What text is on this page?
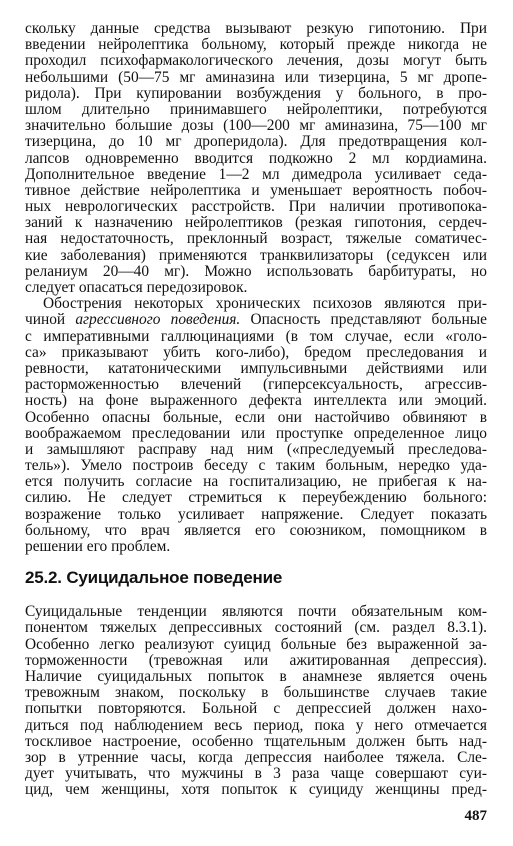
скольку данные средства вызывают резкую гипотонию. При
введении нейролептика больному, который прежде никогда не
проходил психофармакологического лечения, дозы могут быть
небольшими (50—75 мг аминазина или тизерцина, 5 мг дропе-
ридола). При купировании возбуждения у больного, в про-
шлом длительно принимавшего нейролептики, потребуются
значительно бо́льшие дозы (100—200 мг аминазина, 75—100 мг
тизерцина, до 10 мг дроперидола). Для предотвращения кол-
лапсов одновременно вводится подкожно 2 мл кордиамина.
Дополнительное введение 1—2 мл димедрола усиливает седа-
тивное действие нейролептика и уменьшает вероятность побоч-
ных неврологических расстройств. При наличии противопока-
заний к назначению нейролептиков (резкая гипотония, сердеч-
ная недостаточность, преклонный возраст, тяжелые соматичес-
кие заболевания) применяются транквилизаторы (седуксен или
реланиум 20—40 мг). Можно использовать барбитураты, но
следует опасаться передозировок.
Обострения некоторых хронических психозов являются при-
чиной агрессивного поведения. Опасность представляют больные
с императивными галлюцинациями (в том случае, если «голо-
са» приказывают убить кого-либо), бредом преследования и
ревности, кататоническими импульсивными действиями или
расторможенностью влечений (гиперсексуальность, агрессив-
ность) на фоне выраженного дефекта интеллекта или эмоций.
Особенно опасны больные, если они настойчиво обвиняют в
воображаемом преследовании или проступке определенное лицо
и замышляют расправу над ним («преследуемый преследова-
тель»). Умело построив беседу с таким больным, нередко уда-
ется получить согласие на госпитализацию, не прибегая к на-
силию. Не следует стремиться к переубеждению больного:
возражение только усиливает напряжение. Следует показать
больному, что врач является его союзником, помощником в
решении его проблем.
25.2. Суицидальное поведение
Суицидальные тенденции являются почти обязательным ком-
понентом тяжелых депрессивных состояний (см. раздел 8.3.1).
Особенно легко реализуют суицид больные без выраженной за-
торможенности (тревожная или ажитированная депрессия).
Наличие суицидальных попыток в анамнезе является очень
тревожным знаком, поскольку в большинстве случаев такие
попытки повторяются. Больной с депрессией должен нахо-
диться под наблюдением весь период, пока у него отмечается
тоскливое настроение, особенно тщательным должен быть над-
зор в утренние часы, когда депрессия наиболее тяжела. Сле-
дует учитывать, что мужчины в 3 раза чаще совершают суи-
цид, чем женщины, хотя попыток к суициду женщины пред-
487
